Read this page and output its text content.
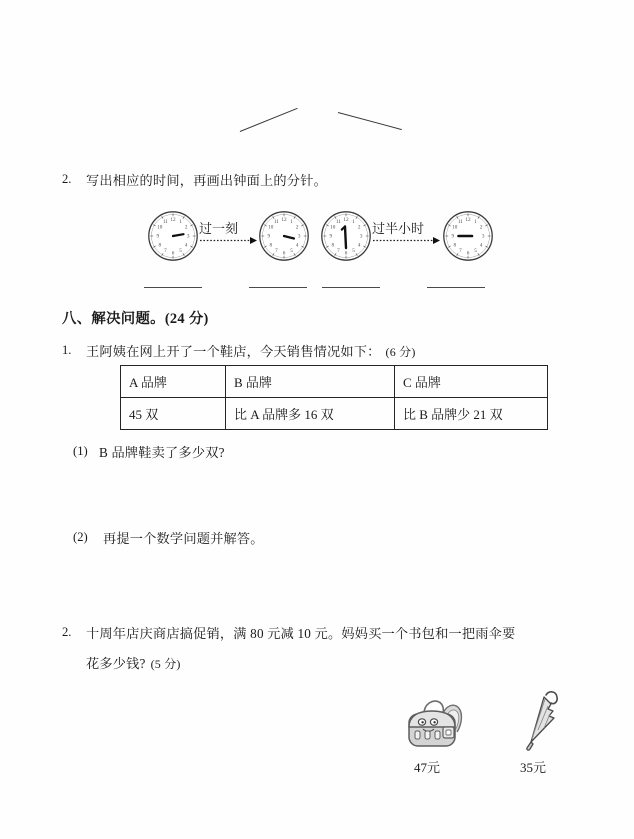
2. 写出相应的时间，再画出钟面上的分针。
12 1
2
3
4
5
6
7
8
9
10
11 过一刻
12 1
2
3
4
5
6
7
8
9
10
11	12 1
2
3
4
5
6
7
8
9
10
11 过半小时
12 1
2
3
4
5
6
7
8
9
10
11
八、解决问题。(24 分)
1. 王阿姨在网上开了一个鞋店，今天销售情况如下： (6 分)
A 品牌	B 品牌	C 品牌
45 双	比 A 品牌多 16 双	比 B 品牌少 21 双
(1) B 品牌鞋卖了多少双?
(2) 再提一个数学问题并解答。
2. 十周年店庆商店搞促销，满 80 元减 10 元。妈妈买一个书包和一把雨伞要
花多少钱? (5 分)
47元	35元
